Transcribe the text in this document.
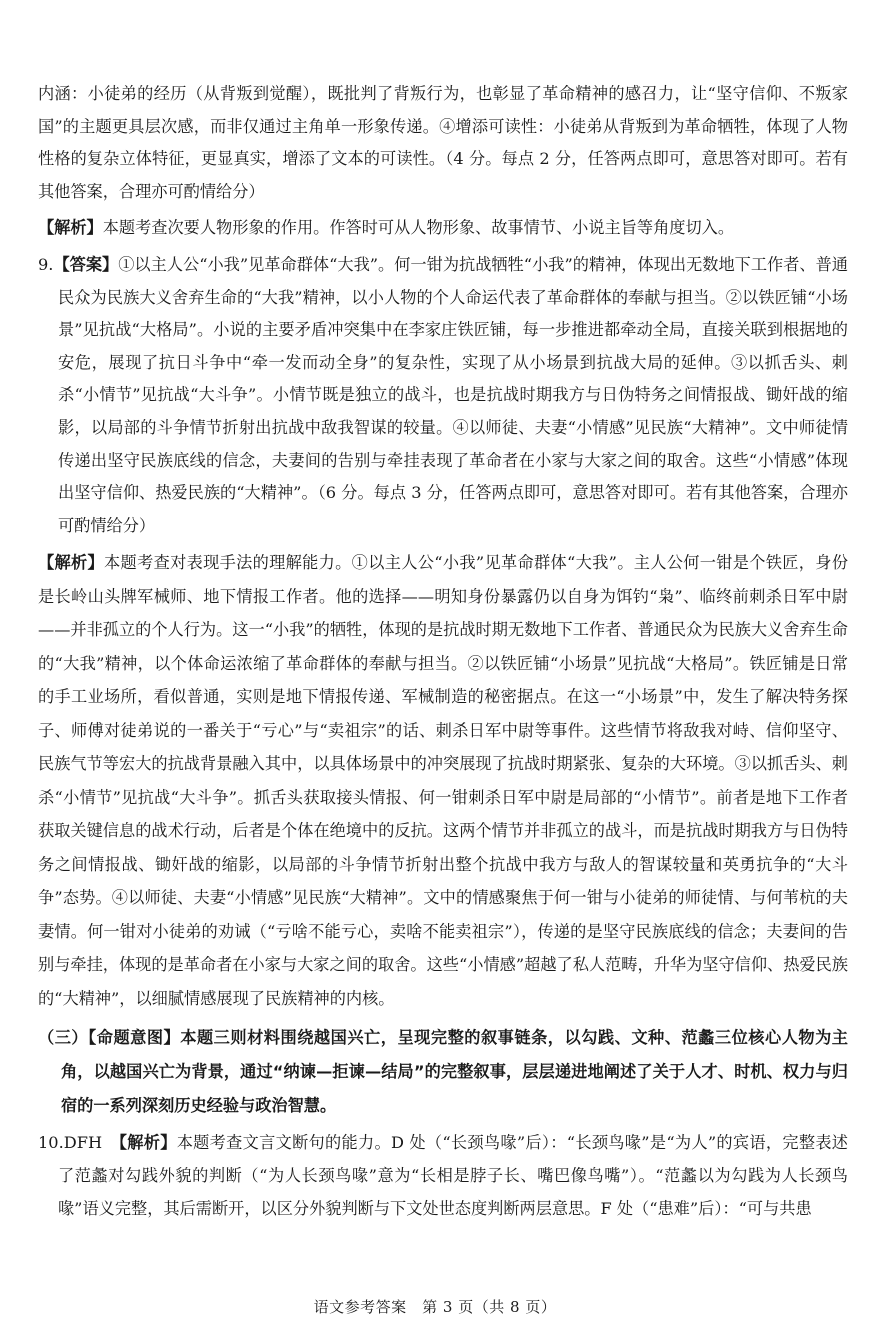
内涵：小徒弟的经历（从背叛到觉醒），既批判了背叛行为，也彰显了革命精神的感召力，让“坚守信仰、不叛家国”的主题更具层次感，而非仅通过主角单一形象传递。④增添可读性：小徒弟从背叛到为革命牺牲，体现了人物性格的复杂立体特征，更显真实，增添了文本的可读性。（4 分。每点 2 分，任答两点即可，意思答对即可。若有其他答案，合理亦可酌情给分）

【解析】本题考查次要人物形象的作用。作答时可从人物形象、故事情节、小说主旨等角度切入。

9.【答案】①以主人公“小我”见革命群体“大我”。何一钳为抗战牺牲“小我”的精神，体现出无数地下工作者、普通民众为民族大义舍弃生命的“大我”精神，以小人物的个人命运代表了革命群体的奉献与担当。②以铁匠铺“小场景”见抗战“大格局”。小说的主要矛盾冲突集中在李家庄铁匠铺，每一步推进都牵动全局，直接关联到根据地的安危，展现了抗日斗争中“牵一发而动全身”的复杂性，实现了从小场景到抗战大局的延伸。③以抓舌头、刺杀“小情节”见抗战“大斗争”。小情节既是独立的战斗，也是抗战时期我方与日伪特务之间情报战、锄奸战的缩影，以局部的斗争情节折射出抗战中敌我智谋的较量。④以师徒、夫妻“小情感”见民族“大精神”。文中师徒情传递出坚守民族底线的信念，夫妻间的告别与牵挂表现了革命者在小家与大家之间的取舍。这些“小情感”体现出坚守信仰、热爱民族的“大精神”。（6 分。每点 3 分，任答两点即可，意思答对即可。若有其他答案，合理亦可酌情给分）

【解析】本题考查对表现手法的理解能力。①以主人公“小我”见革命群体“大我”。主人公何一钳是个铁匠，身份是长岭山头牌军械师、地下情报工作者。他的选择——明知身份暴露仍以自身为饵钓“枭”、临终前刺杀日军中尉——并非孤立的个人行为。这一“小我”的牺牲，体现的是抗战时期无数地下工作者、普通民众为民族大义舍弃生命的“大我”精神，以个体命运浓缩了革命群体的奉献与担当。②以铁匠铺“小场景”见抗战“大格局”。铁匠铺是日常的手工业场所，看似普通，实则是地下情报传递、军械制造的秘密据点。在这一“小场景”中，发生了解决特务探子、师傅对徒弟说的一番关于“亏心”与“卖祖宗”的话、刺杀日军中尉等事件。这些情节将敌我对峙、信仰坚守、民族气节等宏大的抗战背景融入其中，以具体场景中的冲突展现了抗战时期紧张、复杂的大环境。③以抓舌头、刺杀“小情节”见抗战“大斗争”。抓舌头获取接头情报、何一钳刺杀日军中尉是局部的“小情节”。前者是地下工作者获取关键信息的战术行动，后者是个体在绝境中的反抗。这两个情节并非孤立的战斗，而是抗战时期我方与日伪特务之间情报战、锄奸战的缩影，以局部的斗争情节折射出整个抗战中我方与敌人的智谋较量和英勇抗争的“大斗争”态势。④以师徒、夫妻“小情感”见民族“大精神”。文中的情感聚焦于何一钳与小徒弟的师徒情、与何苇杭的夫妻情。何一钳对小徒弟的劝诫（“亏啥不能亏心，卖啥不能卖祖宗”），传递的是坚守民族底线的信念；夫妻间的告别与牵挂，体现的是革命者在小家与大家之间的取舍。这些“小情感”超越了私人范畴，升华为坚守信仰、热爱民族的“大精神”，以细腻情感展现了民族精神的内核。

（三）【命题意图】本题三则材料围绕越国兴亡，呈现完整的叙事链条，以勾践、文种、范蠡三位核心人物为主角，以越国兴亡为背景，通过“纳谏—拒谏—结局”的完整叙事，层层递进地阐述了关于人才、时机、权力与归宿的一系列深刻历史经验与政治智慧。

10.DFH　 【解析】本题考查文言文断句的能力。D 处（“长颈鸟喙”后）：“长颈鸟喙”是“为人”的宾语，完整表述了范蠡对勾践外貌的判断（“为人长颈鸟喙”意为“长相是脖子长、嘴巴像鸟嘴”）。“范蠡以为勾践为人长颈鸟喙”语义完整，其后需断开，以区分外貌判断与下文处世态度判断两层意思。F 处（“患难”后）：“可与共患

语文参考答案　第 3 页（共 8 页）
